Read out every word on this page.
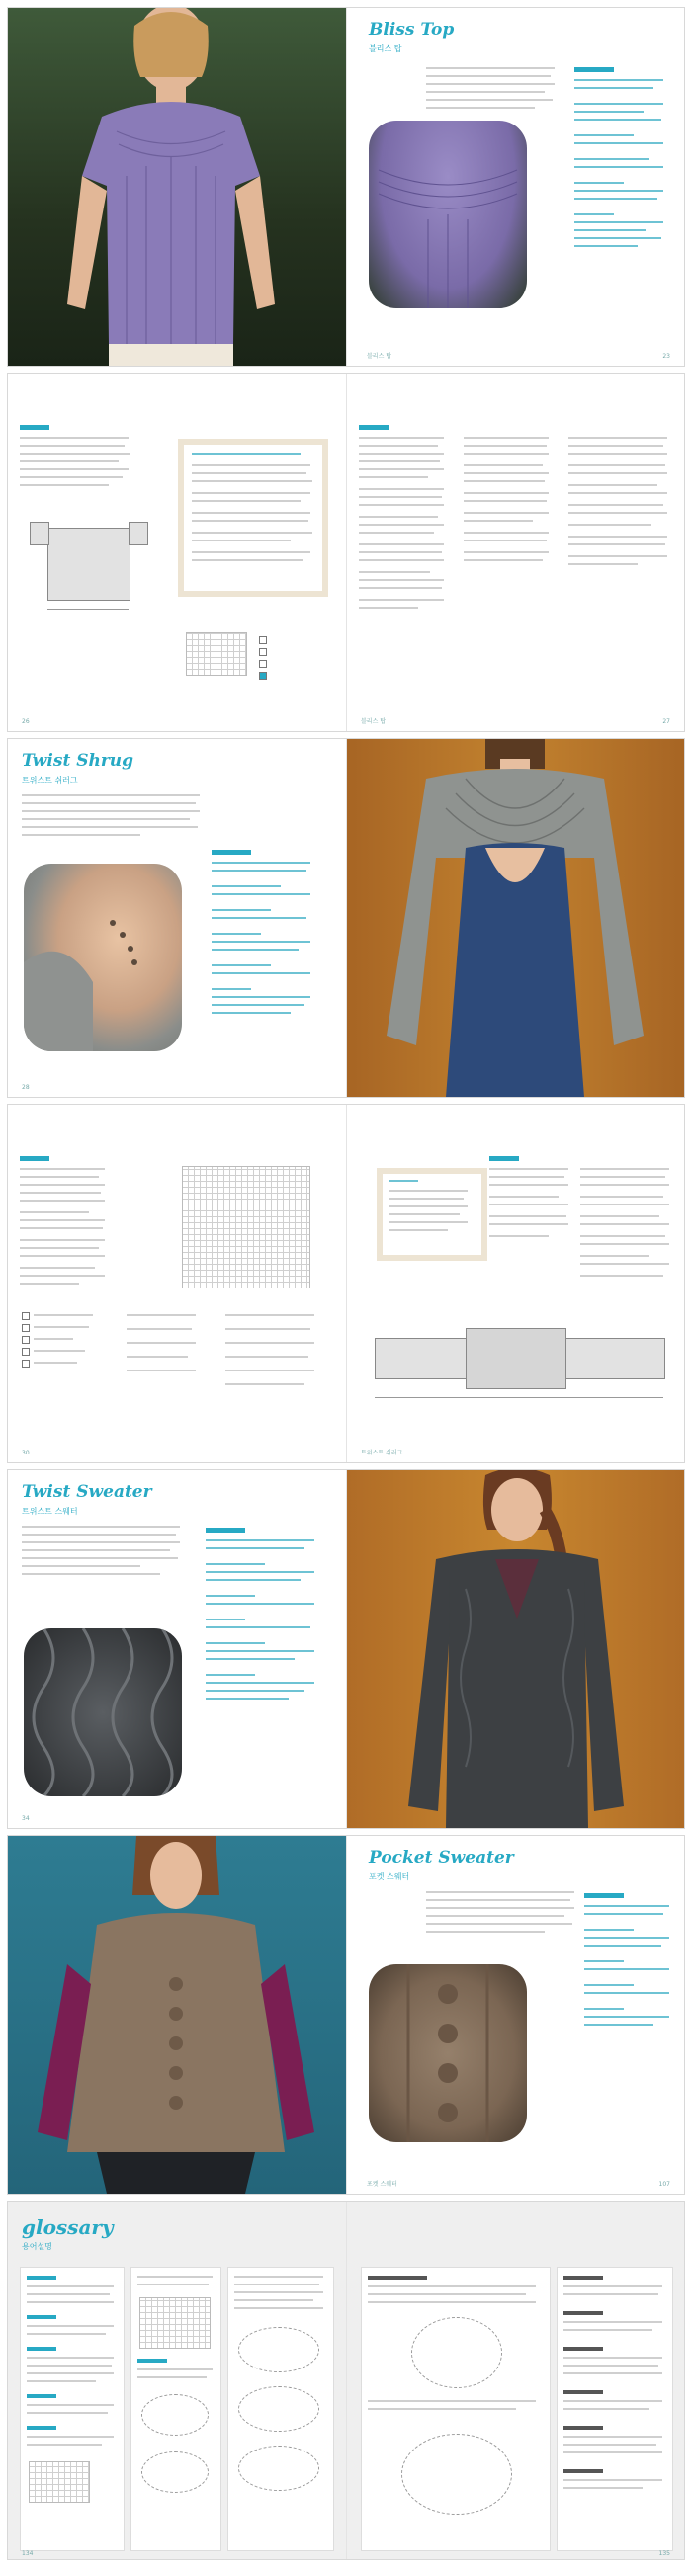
Bliss Top
블리스 탑
블리스 탑	23
26	블리스 탑	27
Twist Shrug
트위스트 쉬러그
28
30	트위스트 쉬러그
Twist Sweater
트위스트 스웨터
34
Pocket Sweater
포켓 스웨터
포켓 스웨터	107
glossary
용어설명
134	135
